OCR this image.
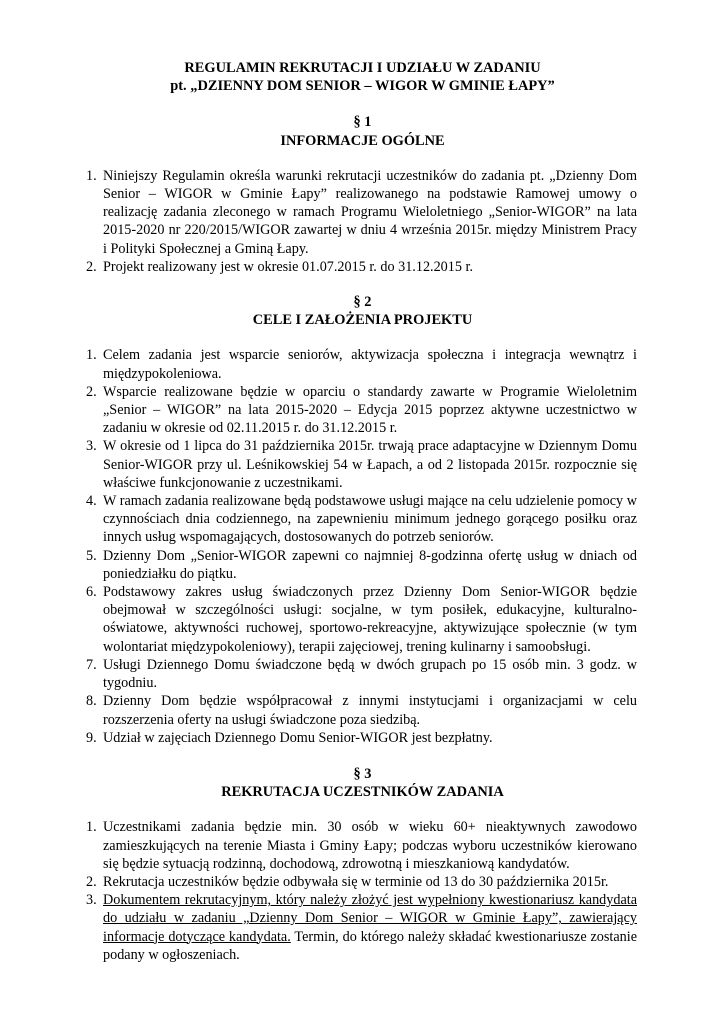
REGULAMIN REKRUTACJI I UDZIAŁU W ZADANIU

pt. „DZIENNY DOM SENIOR – WIGOR W GMINIE ŁAPY”

§ 1

INFORMACJE OGÓLNE

1. Niniejszy Regulamin określa warunki rekrutacji uczestników do zadania pt. „Dzienny Dom Senior – WIGOR w Gminie Łapy” realizowanego na podstawie Ramowej umowy o realizację zadania zleconego w ramach Programu Wieloletniego „Senior-WIGOR” na lata 2015-2020 nr 220/2015/WIGOR zawartej w dniu 4 września 2015r. między Ministrem Pracy i Polityki Społecznej a Gminą Łapy.
2. Projekt realizowany jest w okresie 01.07.2015 r. do 31.12.2015 r.

§ 2

CELE I ZAŁOŻENIA PROJEKTU

1. Celem zadania jest wsparcie seniorów, aktywizacja społeczna i integracja wewnątrz i międzypokoleniowa.
2. Wsparcie realizowane będzie w oparciu o standardy zawarte w Programie Wieloletnim „Senior – WIGOR” na lata 2015-2020 – Edycja 2015 poprzez aktywne uczestnictwo w zadaniu w okresie od 02.11.2015 r. do 31.12.2015 r.
3. W okresie od 1 lipca do 31 października 2015r. trwają prace adaptacyjne w Dziennym Domu Senior-WIGOR przy ul. Leśnikowskiej 54 w Łapach, a od 2 listopada 2015r. rozpocznie się właściwe funkcjonowanie z uczestnikami.
4. W ramach zadania realizowane będą podstawowe usługi mające na celu udzielenie pomocy w czynnościach dnia codziennego, na zapewnieniu minimum jednego gorącego posiłku oraz innych usług wspomagających, dostosowanych do potrzeb seniorów.
5. Dzienny Dom „Senior-WIGOR zapewni co najmniej 8-godzinna ofertę usług w dniach od poniedziałku do piątku.
6. Podstawowy zakres usług świadczonych przez Dzienny Dom Senior-WIGOR będzie obejmował w szczególności usługi: socjalne, w tym posiłek, edukacyjne, kulturalno-oświatowe, aktywności ruchowej, sportowo-rekreacyjne, aktywizujące społecznie (w tym wolontariat międzypokoleniowy), terapii zajęciowej, trening kulinarny i samoobsługi.
7. Usługi Dziennego Domu świadczone będą w dwóch grupach po 15 osób min. 3 godz. w tygodniu.
8. Dzienny Dom będzie współpracował z innymi instytucjami i organizacjami w celu rozszerzenia oferty na usługi świadczone poza siedzibą.
9. Udział w zajęciach Dziennego Domu Senior-WIGOR jest bezpłatny.

§ 3

REKRUTACJA UCZESTNIKÓW ZADANIA

1. Uczestnikami zadania będzie min. 30 osób w wieku 60+ nieaktywnych zawodowo zamieszkujących na terenie Miasta i Gminy Łapy; podczas wyboru uczestników kierowano się będzie sytuacją rodzinną, dochodową, zdrowotną i mieszkaniową kandydatów.
2. Rekrutacja uczestników będzie odbywała się w terminie od 13 do 30 października 2015r.
3. Dokumentem rekrutacyjnym, który należy złożyć jest wypełniony kwestionariusz kandydata do udziału w zadaniu „Dzienny Dom Senior – WIGOR w Gminie Łapy”, zawierający informacje dotyczące kandydata. Termin, do którego należy składać kwestionariusze zostanie podany w ogłoszeniach.
